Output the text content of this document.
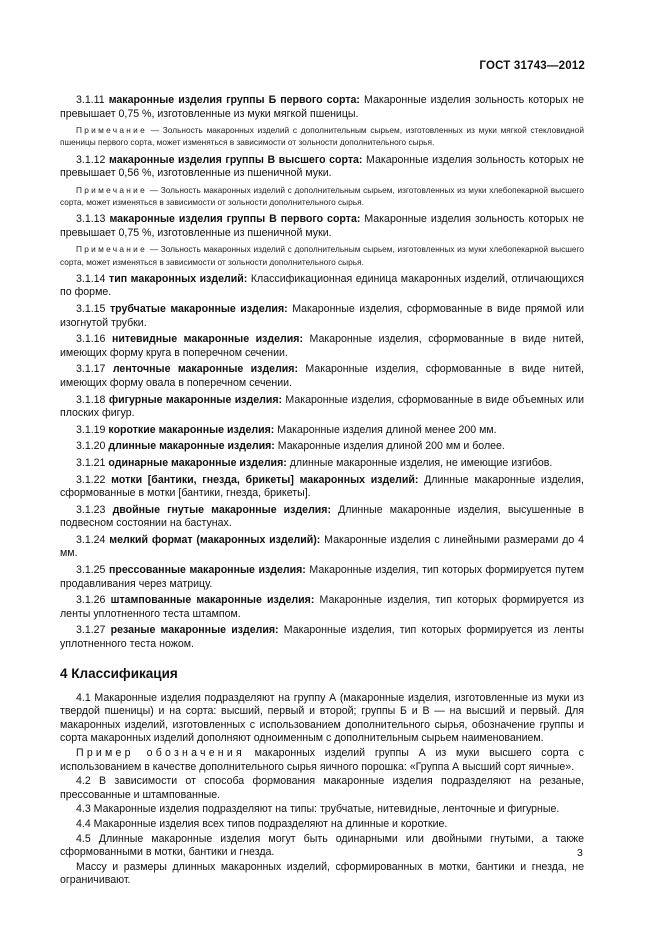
ГОСТ 31743—2012

3.1.11 макаронные изделия группы Б первого сорта: Макаронные изделия зольность которых не превышает 0,75 %, изготовленные из муки мягкой пшеницы.

Примечание — Зольность макаронных изделий с дополнительным сырьем, изготовленных из муки мягкой стекловидной пшеницы первого сорта, может изменяться в зависимости от зольности дополнительного сырья.

3.1.12 макаронные изделия группы В высшего сорта: Макаронные изделия зольность которых не превышает 0,56 %, изготовленные из пшеничной муки.

Примечание — Зольность макаронных изделий с дополнительным сырьем, изготовленных из муки хлебопекарной высшего сорта, может изменяться в зависимости от зольности дополнительного сырья.

3.1.13 макаронные изделия группы В первого сорта: Макаронные изделия зольность которых не превышает 0,75 %, изготовленные из пшеничной муки.

Примечание — Зольность макаронных изделий с дополнительным сырьем, изготовленных из муки хлебопекарной высшего сорта, может изменяться в зависимости от зольности дополнительного сырья.

3.1.14 тип макаронных изделий: Классификационная единица макаронных изделий, отличающихся по форме.

3.1.15 трубчатые макаронные изделия: Макаронные изделия, сформованные в виде прямой или изогнутой трубки.

3.1.16 нитевидные макаронные изделия: Макаронные изделия, сформованные в виде нитей, имеющих форму круга в поперечном сечении.

3.1.17 ленточные макаронные изделия: Макаронные изделия, сформованные в виде нитей, имеющих форму овала в поперечном сечении.

3.1.18 фигурные макаронные изделия: Макаронные изделия, сформованные в виде объемных или плоских фигур.

3.1.19 короткие макаронные изделия: Макаронные изделия длиной менее 200 мм.

3.1.20 длинные макаронные изделия: Макаронные изделия длиной 200 мм и более.

3.1.21 одинарные макаронные изделия: длинные макаронные изделия, не имеющие изгибов.

3.1.22 мотки [бантики, гнезда, брикеты] макаронных изделий: Длинные макаронные изделия, сформованные в мотки [бантики, гнезда, брикеты].

3.1.23 двойные гнутые макаронные изделия: Длинные макаронные изделия, высушенные в подвесном состоянии на бастунах.

3.1.24 мелкий формат (макаронных изделий): Макаронные изделия с линейными размерами до 4 мм.

3.1.25 прессованные макаронные изделия: Макаронные изделия, тип которых формируется путем продавливания через матрицу.

3.1.26 штампованные макаронные изделия: Макаронные изделия, тип которых формируется из ленты уплотненного теста штампом.

3.1.27 резаные макаронные изделия: Макаронные изделия, тип которых формируется из ленты уплотненного теста ножом.

4 Классификация

4.1 Макаронные изделия подразделяют на группу А (макаронные изделия, изготовленные из муки из твердой пшеницы) и на сорта: высший, первый и второй; группы Б и В — на высший и первый. Для макаронных изделий, изготовленных с использованием дополнительного сырья, обозначение группы и сорта макаронных изделий дополняют одноименным с дополнительным сырьем наименованием.

Пример обозначения макаронных изделий группы А из муки высшего сорта с использованием в качестве дополнительного сырья яичного порошка: «Группа А высший сорт яичные».

4.2 В зависимости от способа формования макаронные изделия подразделяют на резаные, прессованные и штампованные.

4.3 Макаронные изделия подразделяют на типы: трубчатые, нитевидные, ленточные и фигурные.

4.4 Макаронные изделия всех типов подразделяют на длинные и короткие.

4.5 Длинные макаронные изделия могут быть одинарными или двойными гнутыми, а также сформованными в мотки, бантики и гнезда.

Массу и размеры длинных макаронных изделий, сформированных в мотки, бантики и гнезда, не ограничивают.

3
